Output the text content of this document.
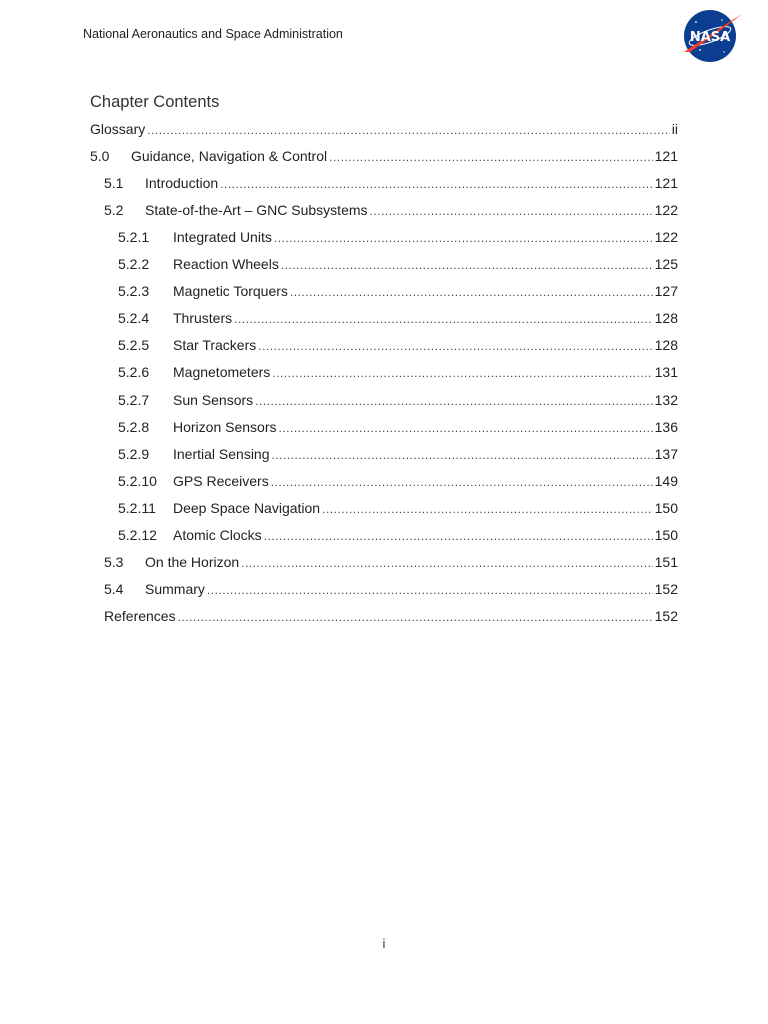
National Aeronautics and Space Administration	NASA
Chapter Contents
Glossary .....	ii
5.0	Guidance, Navigation & Control .....	121
5.1	Introduction .....	121
5.2	State-of-the-Art – GNC Subsystems .....	122
5.2.1	Integrated Units .....	122
5.2.2	Reaction Wheels .....	125
5.2.3	Magnetic Torquers .....	127
5.2.4	Thrusters .....	128
5.2.5	Star Trackers .....	128
5.2.6	Magnetometers .....	131
5.2.7	Sun Sensors .....	132
5.2.8	Horizon Sensors .....	136
5.2.9	Inertial Sensing .....	137
5.2.10	GPS Receivers .....	149
5.2.11	Deep Space Navigation .....	150
5.2.12	Atomic Clocks .....	150
5.3	On the Horizon .....	151
5.4	Summary .....	152
References .....	152
i
